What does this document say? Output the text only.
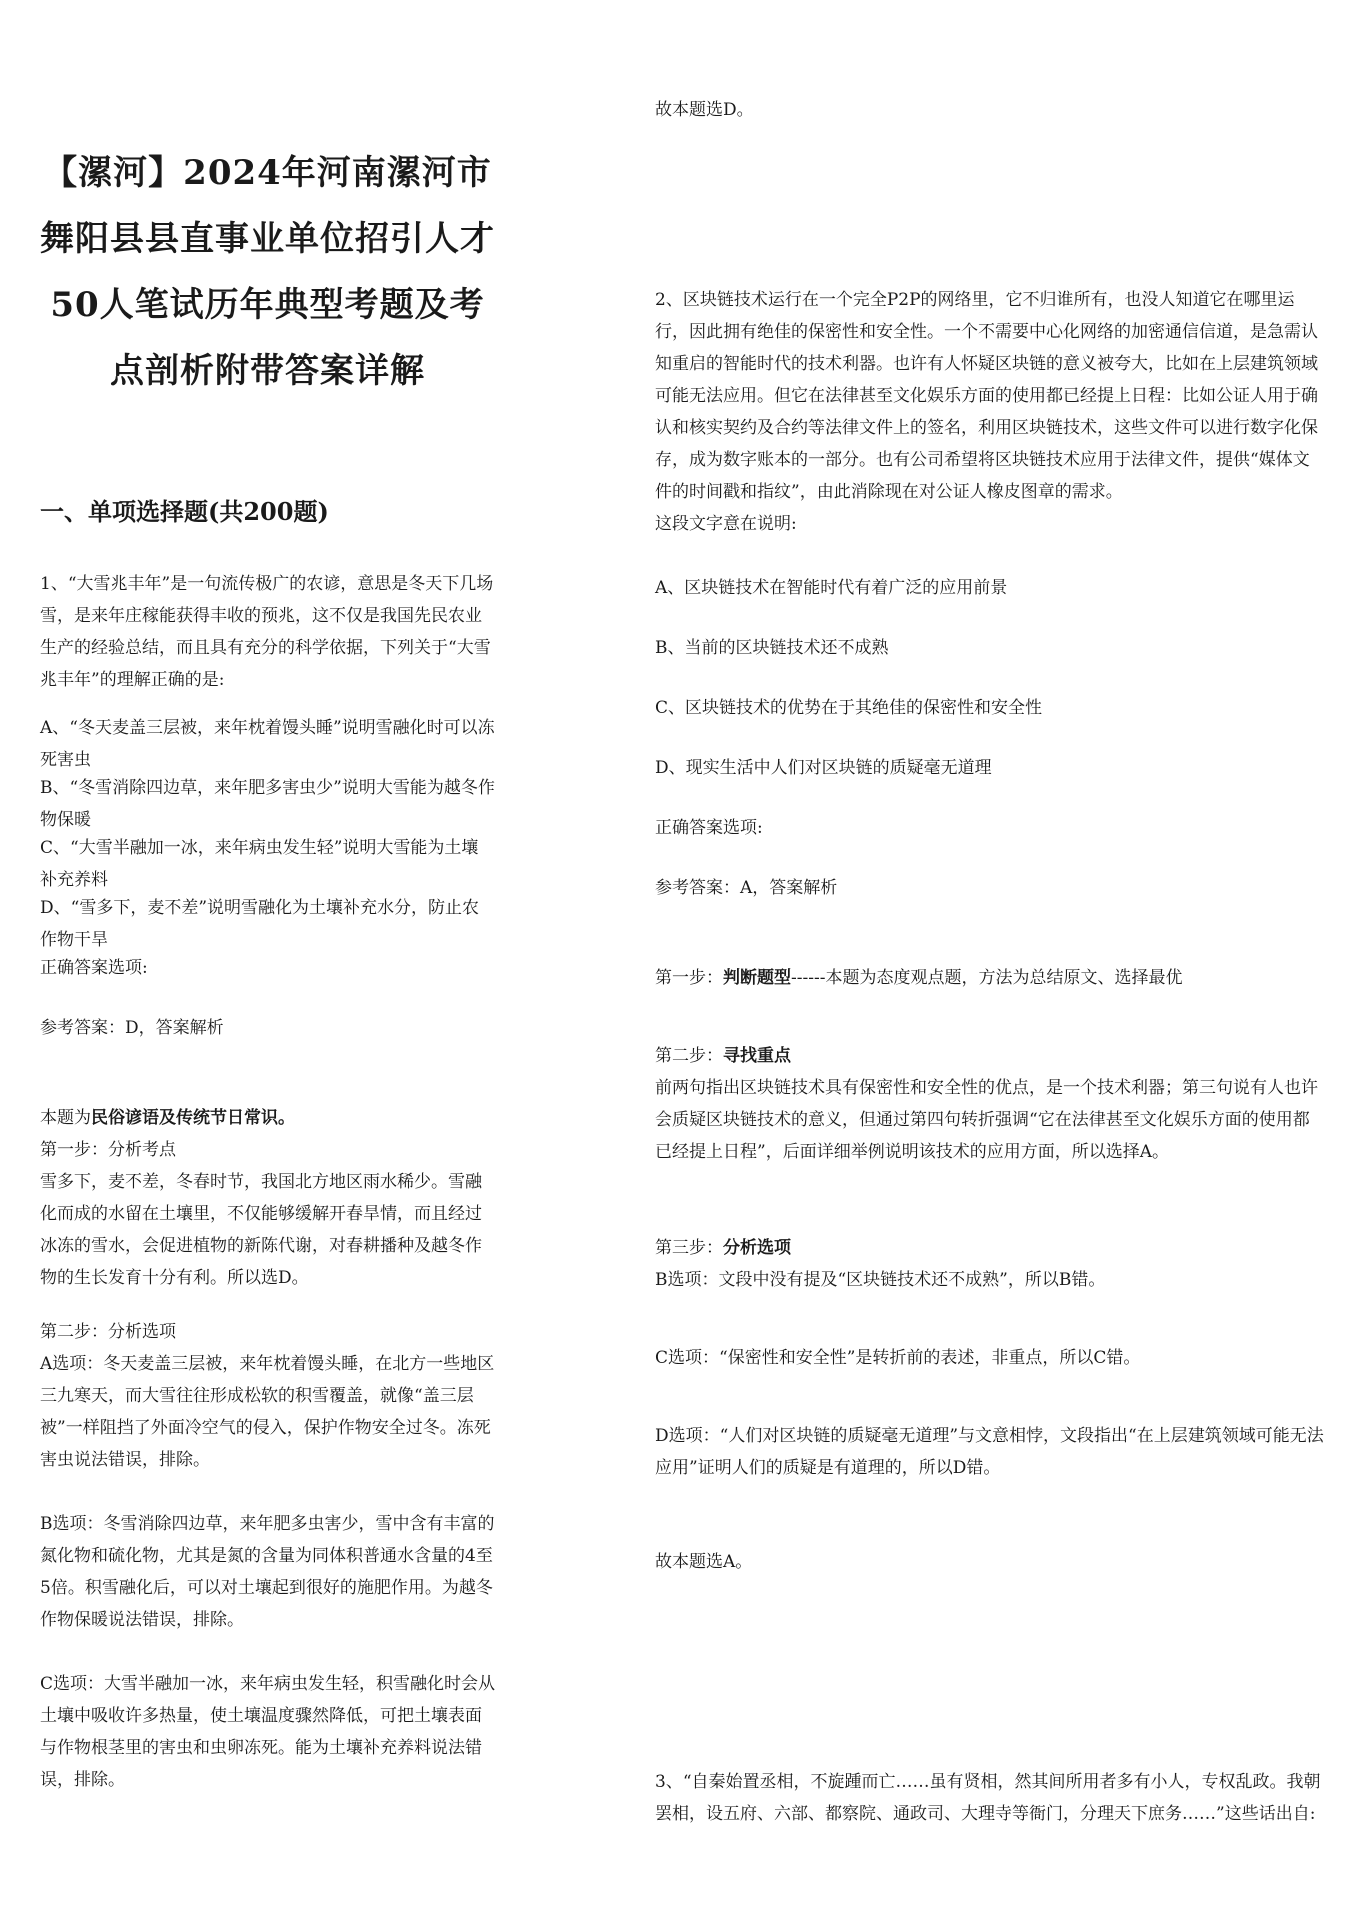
【漯河】2024年河南漯河市舞阳县县直事业单位招引人才50人笔试历年典型考题及考点剖析附带答案详解
一、单项选择题(共200题)

1、“大雪兆丰年”是一句流传极广的农谚，意思是冬天下几场雪，是来年庄稼能获得丰收的预兆，这不仅是我国先民农业生产的经验总结，而且具有充分的科学依据，下列关于“大雪兆丰年”的理解正确的是:

A、“冬天麦盖三层被，来年枕着馒头睡”说明雪融化时可以冻死害虫

B、“冬雪消除四边草，来年肥多害虫少”说明大雪能为越冬作物保暖

C、“大雪半融加一冰，来年病虫发生轻”说明大雪能为土壤补充养料

D、“雪多下，麦不差”说明雪融化为土壤补充水分，防止农作物干旱

正确答案选项:

参考答案：D，答案解析

本题为民俗谚语及传统节日常识。

第一步：分析考点

雪多下，麦不差，冬春时节，我国北方地区雨水稀少。雪融化而成的水留在土壤里，不仅能够缓解开春旱情，而且经过冰冻的雪水，会促进植物的新陈代谢，对春耕播种及越冬作物的生长发育十分有利。所以选D。

第二步：分析选项

A选项：冬天麦盖三层被，来年枕着馒头睡，在北方一些地区三九寒天，而大雪往往形成松软的积雪覆盖，就像“盖三层被”一样阻挡了外面冷空气的侵入，保护作物安全过冬。冻死害虫说法错误，排除。

B选项：冬雪消除四边草，来年肥多虫害少，雪中含有丰富的氮化物和硫化物，尤其是氮的含量为同体积普通水含量的4至5倍。积雪融化后，可以对土壤起到很好的施肥作用。为越冬作物保暖说法错误，排除。

C选项：大雪半融加一冰，来年病虫发生轻，积雪融化时会从土壤中吸收许多热量，使土壤温度骤然降低，可把土壤表面与作物根茎里的害虫和虫卵冻死。能为土壤补充养料说法错误，排除。

故本题选D。

2、区块链技术运行在一个完全P2P的网络里，它不归谁所有，也没人知道它在哪里运行，因此拥有绝佳的保密性和安全性。一个不需要中心化网络的加密通信信道，是急需认知重启的智能时代的技术利器。也许有人怀疑区块链的意义被夸大，比如在上层建筑领域可能无法应用。但它在法律甚至文化娱乐方面的使用都已经提上日程：比如公证人用于确认和核实契约及合约等法律文件上的签名，利用区块链技术，这些文件可以进行数字化保存，成为数字账本的一部分。也有公司希望将区块链技术应用于法律文件，提供“媒体文件的时间戳和指纹”，由此消除现在对公证人橡皮图章的需求。

这段文字意在说明:

A、区块链技术在智能时代有着广泛的应用前景

B、当前的区块链技术还不成熟

C、区块链技术的优势在于其绝佳的保密性和安全性

D、现实生活中人们对区块链的质疑毫无道理

正确答案选项:

参考答案：A，答案解析

第一步：判断题型------本题为态度观点题，方法为总结原文、选择最优

第二步：寻找重点

前两句指出区块链技术具有保密性和安全性的优点，是一个技术利器；第三句说有人也许会质疑区块链技术的意义，但通过第四句转折强调“它在法律甚至文化娱乐方面的使用都已经提上日程”，后面详细举例说明该技术的应用方面，所以选择A。

第三步：分析选项

B选项：文段中没有提及“区块链技术还不成熟”，所以B错。

C选项：“保密性和安全性”是转折前的表述，非重点，所以C错。

D选项：“人们对区块链的质疑毫无道理”与文意相悖，文段指出“在上层建筑领域可能无法应用”证明人们的质疑是有道理的，所以D错。

故本题选A。

3、“自秦始置丞相，不旋踵而亡……虽有贤相，然其间所用者多有小人，专权乱政。我朝罢相，设五府、六部、都察院、通政司、大理寺等衙门，分理天下庶务……”这些话出自:
